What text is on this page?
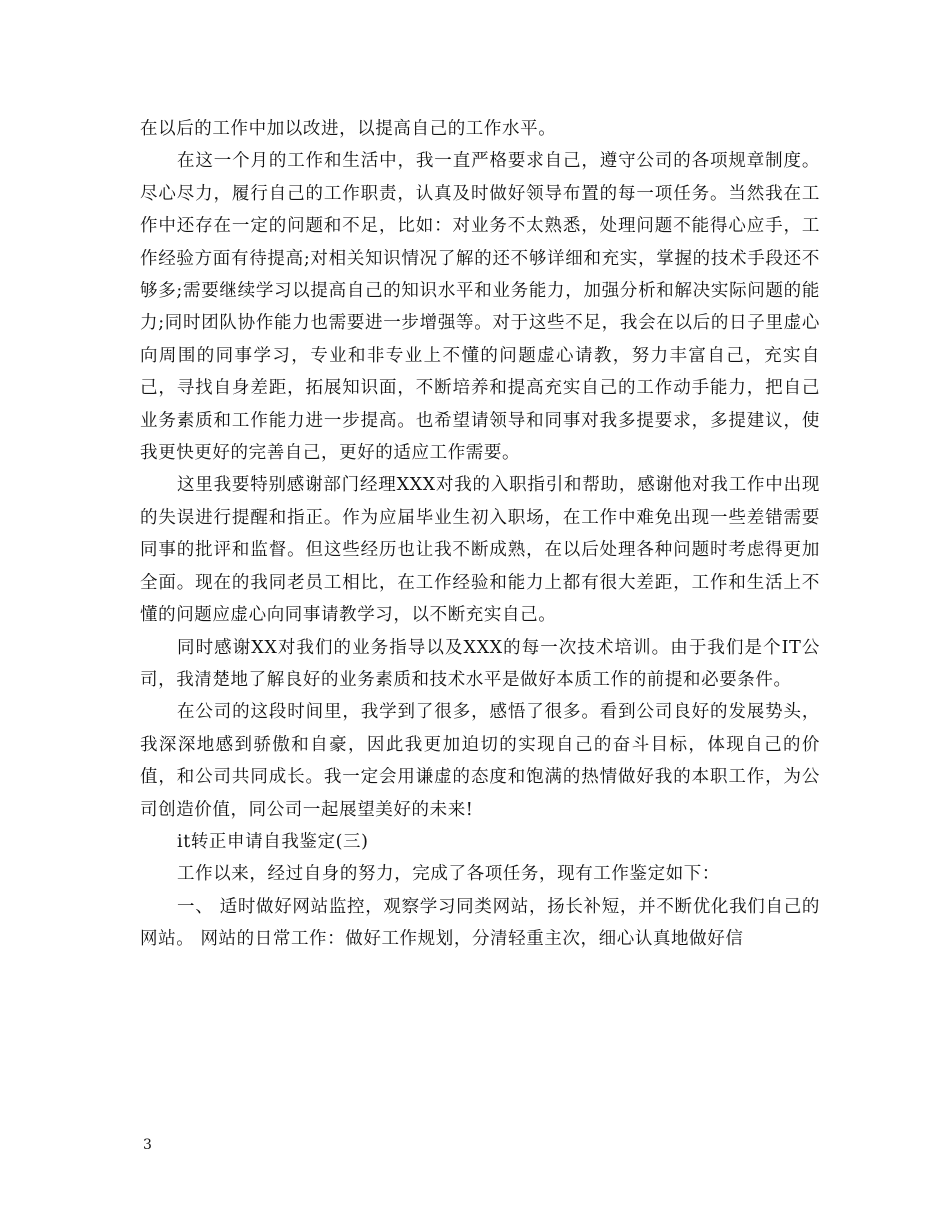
在以后的工作中加以改进，以提高自己的工作水平。

在这一个月的工作和生活中，我一直严格要求自己，遵守公司的各项规章制度。尽心尽力，履行自己的工作职责，认真及时做好领导布置的每一项任务。当然我在工作中还存在一定的问题和不足，比如：对业务不太熟悉，处理问题不能得心应手，工作经验方面有待提高;对相关知识情况了解的还不够详细和充实，掌握的技术手段还不够多;需要继续学习以提高自己的知识水平和业务能力，加强分析和解决实际问题的能力;同时团队协作能力也需要进一步增强等。对于这些不足，我会在以后的日子里虚心向周围的同事学习，专业和非专业上不懂的问题虚心请教，努力丰富自己，充实自己，寻找自身差距，拓展知识面，不断培养和提高充实自己的工作动手能力，把自己业务素质和工作能力进一步提高。也希望请领导和同事对我多提要求，多提建议，使我更快更好的完善自己，更好的适应工作需要。

这里我要特别感谢部门经理XXX对我的入职指引和帮助，感谢他对我工作中出现的失误进行提醒和指正。作为应届毕业生初入职场，在工作中难免出现一些差错需要同事的批评和监督。但这些经历也让我不断成熟，在以后处理各种问题时考虑得更加全面。现在的我同老员工相比，在工作经验和能力上都有很大差距，工作和生活上不懂的问题应虚心向同事请教学习，以不断充实自己。

同时感谢XX对我们的业务指导以及XXX的每一次技术培训。由于我们是个IT公司，我清楚地了解良好的业务素质和技术水平是做好本质工作的前提和必要条件。

在公司的这段时间里，我学到了很多，感悟了很多。看到公司良好的发展势头，我深深地感到骄傲和自豪，因此我更加迫切的实现自己的奋斗目标，体现自己的价值，和公司共同成长。我一定会用谦虚的态度和饱满的热情做好我的本职工作，为公司创造价值，同公司一起展望美好的未来!

it转正申请自我鉴定(三)

工作以来，经过自身的努力，完成了各项任务，现有工作鉴定如下：

一、 适时做好网站监控，观察学习同类网站，扬长补短，并不断优化我们自己的网站。 网站的日常工作：做好工作规划，分清轻重主次，细心认真地做好信

3
